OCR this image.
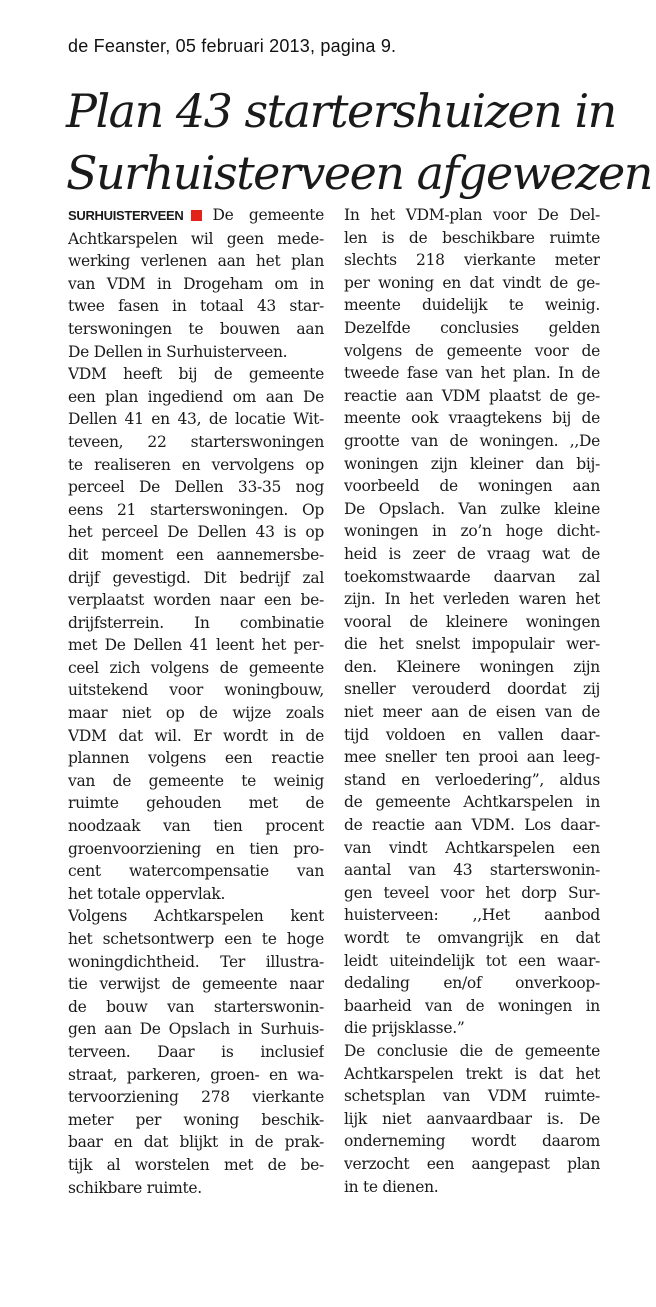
de Feanster, 05 februari 2013, pagina 9.
Plan 43 startershuizen in
Surhuisterveen afgewezen
SURHUISTERVEEN De gemeente
Achtkarspelen wil geen mede-
werking verlenen aan het plan
van VDM in Drogeham om in
twee fasen in totaal 43 star-
terswoningen te bouwen aan
De Dellen in Surhuisterveen.
VDM heeft bij de gemeente
een plan ingediend om aan De
Dellen 41 en 43, de locatie Wit-
teveen, 22 starterswoningen
te realiseren en vervolgens op
perceel De Dellen 33-35 nog
eens 21 starterswoningen. Op
het perceel De Dellen 43 is op
dit moment een aannemersbe-
drijf gevestigd. Dit bedrijf zal
verplaatst worden naar een be-
drijfsterrein. In combinatie
met De Dellen 41 leent het per-
ceel zich volgens de gemeente
uitstekend voor woningbouw,
maar niet op de wijze zoals
VDM dat wil. Er wordt in de
plannen volgens een reactie
van de gemeente te weinig
ruimte gehouden met de
noodzaak van tien procent
groenvoorziening en tien pro-
cent watercompensatie van
het totale oppervlak.
Volgens Achtkarspelen kent
het schetsontwerp een te hoge
woningdichtheid. Ter illustra-
tie verwijst de gemeente naar
de bouw van starterswonin-
gen aan De Opslach in Surhuis-
terveen. Daar is inclusief
straat, parkeren, groen- en wa-
tervoorziening 278 vierkante
meter per woning beschik-
baar en dat blijkt in de prak-
tijk al worstelen met de be-
schikbare ruimte.
In het VDM-plan voor De Del-
len is de beschikbare ruimte
slechts 218 vierkante meter
per woning en dat vindt de ge-
meente duidelijk te weinig.
Dezelfde conclusies gelden
volgens de gemeente voor de
tweede fase van het plan. In de
reactie aan VDM plaatst de ge-
meente ook vraagtekens bij de
grootte van de woningen. ,,De
woningen zijn kleiner dan bij-
voorbeeld de woningen aan
De Opslach. Van zulke kleine
woningen in zo’n hoge dicht-
heid is zeer de vraag wat de
toekomstwaarde daarvan zal
zijn. In het verleden waren het
vooral de kleinere woningen
die het snelst impopulair wer-
den. Kleinere woningen zijn
sneller verouderd doordat zij
niet meer aan de eisen van de
tijd voldoen en vallen daar-
mee sneller ten prooi aan leeg-
stand en verloedering”, aldus
de gemeente Achtkarspelen in
de reactie aan VDM. Los daar-
van vindt Achtkarspelen een
aantal van 43 starterswonin-
gen teveel voor het dorp Sur-
huisterveen: ,,Het aanbod
wordt te omvangrijk en dat
leidt uiteindelijk tot een waar-
dedaling en/of onverkoop-
baarheid van de woningen in
die prijsklasse.”
De conclusie die de gemeente
Achtkarspelen trekt is dat het
schetsplan van VDM ruimte-
lijk niet aanvaardbaar is. De
onderneming wordt daarom
verzocht een aangepast plan
in te dienen.
